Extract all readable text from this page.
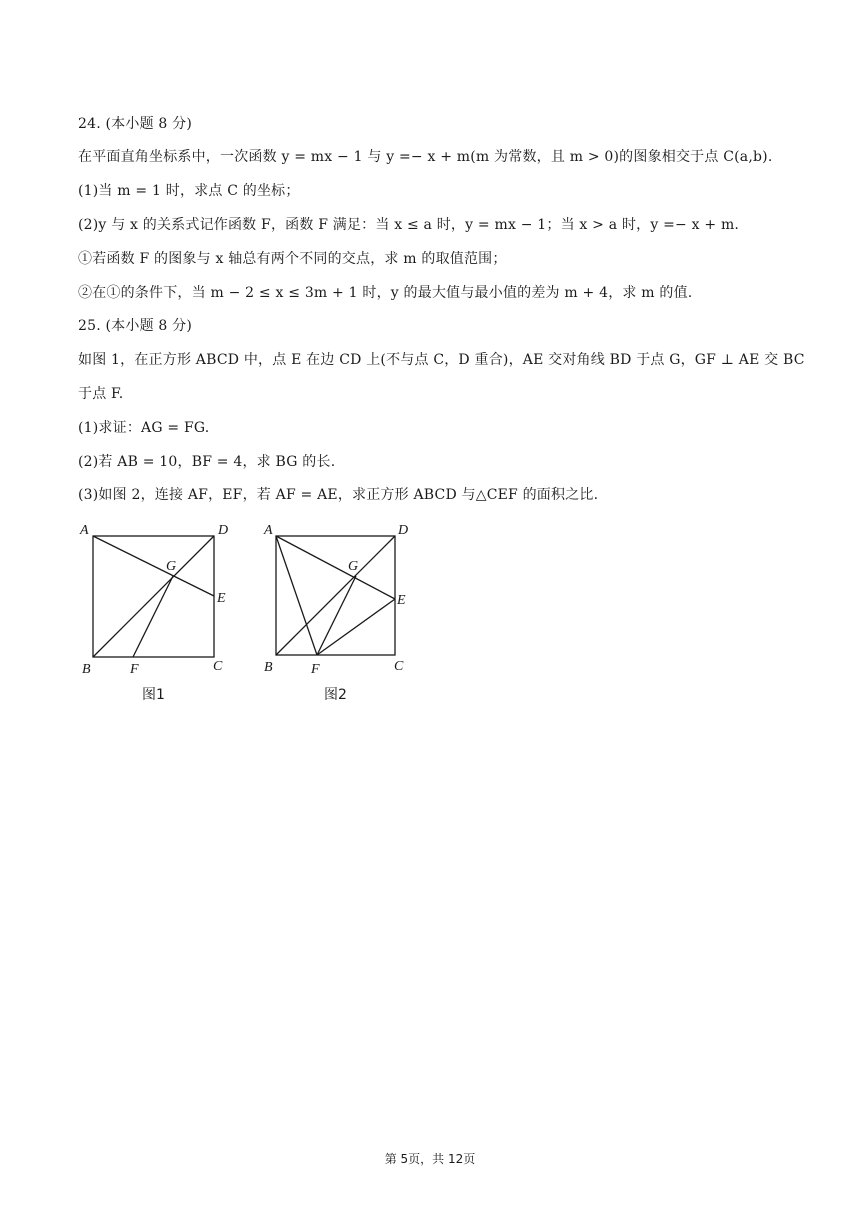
24. (本小题 8 分)
在平面直角坐标系中，一次函数 y = mx − 1 与 y =− x + m(m 为常数，且 m > 0)的图象相交于点 C(a,b).
(1)当 m = 1 时，求点 C 的坐标；
(2)y 与 x 的关系式记作函数 F，函数 F 满足：当 x ≤ a 时，y = mx − 1；当 x > a 时，y =− x + m.
①若函数 F 的图象与 x 轴总有两个不同的交点，求 m 的取值范围；
②在①的条件下，当 m − 2 ≤ x ≤ 3m + 1 时，y 的最大值与最小值的差为 m + 4，求 m 的值.
25. (本小题 8 分)
如图 1，在正方形 ABCD 中，点 E 在边 CD 上(不与点 C，D 重合)，AE 交对角线 BD 于点 G，GF ⊥ AE 交 BC
于点 F.
(1)求证：AG = FG.
(2)若 AB = 10，BF = 4，求 BG 的长.
(3)如图 2，连接 AF，EF，若 AF = AE，求正方形 ABCD 与△CEF 的面积之比.
A	D
G
E
B	F	C
图1
A	D
G
E
B	F	C
图2
第 5页，共 12页
